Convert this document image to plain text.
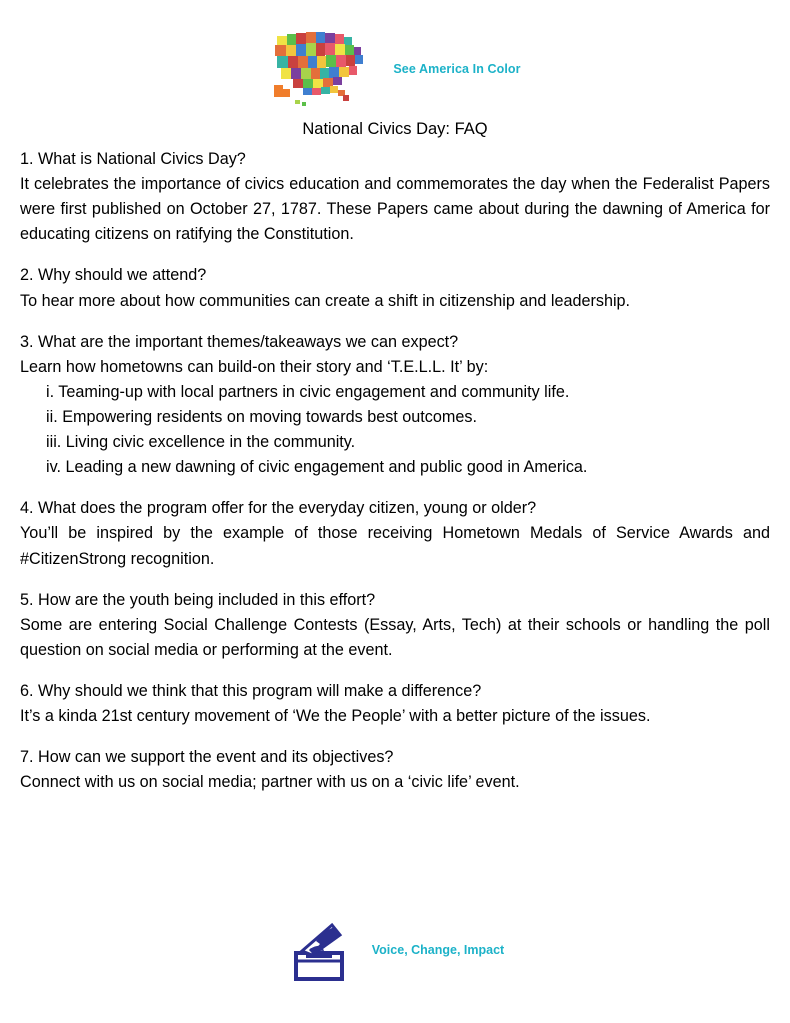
See America In Color
National Civics Day: FAQ
1. What is National Civics Day?
It celebrates the importance of civics education and commemorates the day when the Federalist Papers were first published on October 27, 1787. These Papers came about during the dawning of America for educating citizens on ratifying the Constitution.
2. Why should we attend?
To hear more about how communities can create a shift in citizenship and leadership.
3. What are the important themes/takeaways we can expect?
Learn how hometowns can build-on their story and ‘T.E.L.L. It’ by:
i. Teaming-up with local partners in civic engagement and community life.
ii. Empowering residents on moving towards best outcomes.
iii. Living civic excellence in the community.
iv. Leading a new dawning of civic engagement and public good in America.
4. What does the program offer for the everyday citizen, young or older?
You’ll be inspired by the example of those receiving Hometown Medals of Service Awards and #CitizenStrong recognition.
5. How are the youth being included in this effort?
Some are entering Social Challenge Contests (Essay, Arts, Tech) at their schools or handling the poll question on social media or performing at the event.
6. Why should we think that this program will make a difference?
It’s a kinda 21st century movement of ‘We the People’ with a better picture of the issues.
7. How can we support the event and its objectives?
Connect with us on social media; partner with us on a ‘civic life’ event.
Voice, Change, Impact
